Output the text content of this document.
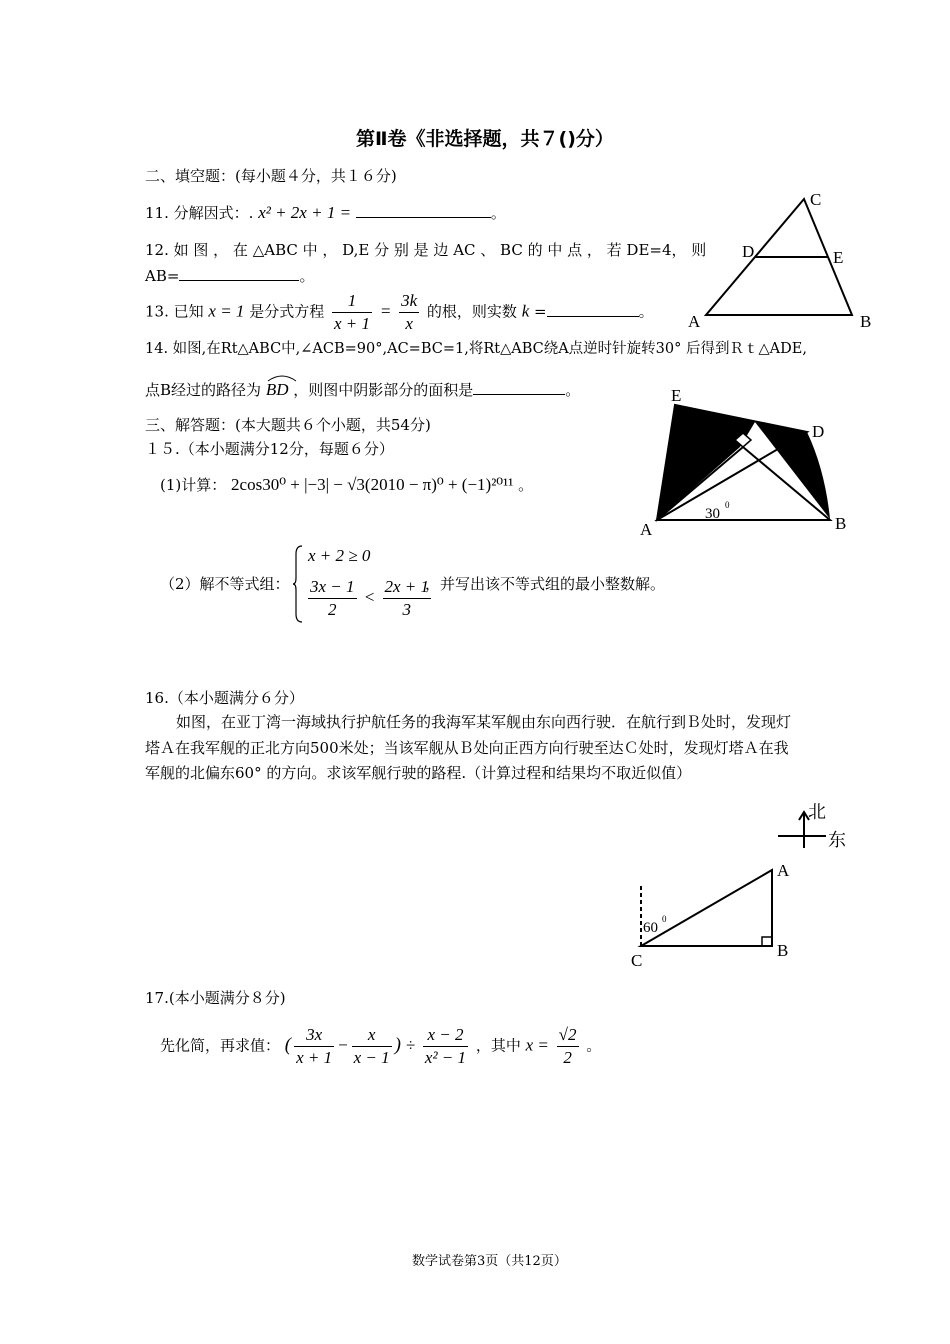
第Ⅱ卷《非选择题，共７()分）
二、填空题：(每小题４分，共１６分)
11. 分解因式：. x² + 2x + 1 =	。
12. 如 图 ， 在 △ABC 中 ， D,E 分 别 是 边 AC 、 BC 的 中 点 ， 若 DE=4， 则
AB=	。
13. 已知 x = 1 是分式方程 $\frac{1}{x + 1} = \frac{3k}{x}$ 的根，则实数 k =	。
14. 如图,在Rt△ABC中,∠ACB=90°,AC=BC=1,将Rt△ABC绕A点逆时针旋转30° 后得到Ｒｔ△ADE,
点B经过的路径为 BD ，则图中阴影部分的面积是	。
三、解答题：(本大题共６个小题，共54分)
１５.（本小题满分12分，每题６分）
(1)计算： 2cos30⁰ + |−3| − √3(2010 − π)⁰ + (−1)²⁰¹¹ 。
（2）解不等式组：
x + 2 ≥ 0
$\frac{3x - 1}{2} < \frac{2x + 1}{3}$
，并写出该不等式组的最小整数解。
16.（本小题满分６分）
如图，在亚丁湾一海域执行护航任务的我海军某军舰由东向西行驶．在航行到Ｂ处时，发现灯
塔Ａ在我军舰的正北方向500米处；当该军舰从Ｂ处向正西方向行驶至达Ｃ处时，发现灯塔Ａ在我
军舰的北偏东60° 的方向。求该军舰行驶的路程.（计算过程和结果均不取近似值）
17.(本小题满分８分)
先化简，再求值： ( $\frac{3x}{x + 1} - \frac{x}{x - 1}$ ) ÷ $\frac{x - 2}{\text{x² − 1}}$ ，其中 $x = \frac{√2}{2}$ 。
C
D	E
A	B
E
D
A	B
30
0
北
东
A
B
C
60
0
数学试卷第3页（共12页）
